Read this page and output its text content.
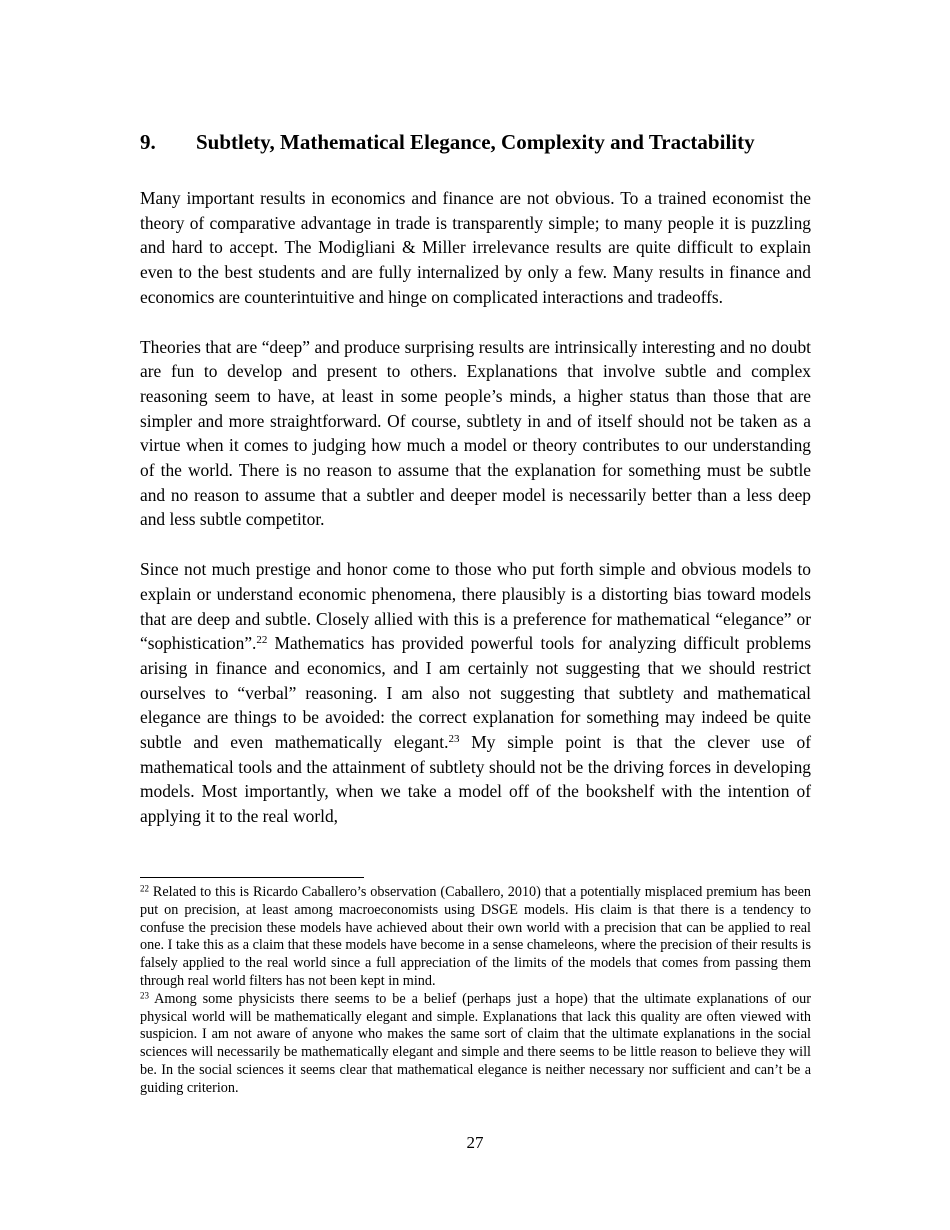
9.	Subtlety, Mathematical Elegance, Complexity and Tractability

Many important results in economics and finance are not obvious. To a trained economist the theory of comparative advantage in trade is transparently simple; to many people it is puzzling and hard to accept. The Modigliani & Miller irrelevance results are quite difficult to explain even to the best students and are fully internalized by only a few. Many results in finance and economics are counterintuitive and hinge on complicated interactions and tradeoffs.

Theories that are “deep” and produce surprising results are intrinsically interesting and no doubt are fun to develop and present to others. Explanations that involve subtle and complex reasoning seem to have, at least in some people’s minds, a higher status than those that are simpler and more straightforward. Of course, subtlety in and of itself should not be taken as a virtue when it comes to judging how much a model or theory contributes to our understanding of the world. There is no reason to assume that the explanation for something must be subtle and no reason to assume that a subtler and deeper model is necessarily better than a less deep and less subtle competitor.

Since not much prestige and honor come to those who put forth simple and obvious models to explain or understand economic phenomena, there plausibly is a distorting bias toward models that are deep and subtle. Closely allied with this is a preference for mathematical “elegance” or “sophistication”.$^{22}$ Mathematics has provided powerful tools for analyzing difficult problems arising in finance and economics, and I am certainly not suggesting that we should restrict ourselves to “verbal” reasoning. I am also not suggesting that subtlety and mathematical elegance are things to be avoided: the correct explanation for something may indeed be quite subtle and even mathematically elegant.$^{23}$ My simple point is that the clever use of mathematical tools and the attainment of subtlety should not be the driving forces in developing models. Most importantly, when we take a model off of the bookshelf with the intention of applying it to the real world,

$^{22}$ Related to this is Ricardo Caballero’s observation (Caballero, 2010) that a potentially misplaced premium has been put on precision, at least among macroeconomists using DSGE models. His claim is that there is a tendency to confuse the precision these models have achieved about their own world with a precision that can be applied to real one. I take this as a claim that these models have become in a sense chameleons, where the precision of their results is falsely applied to the real world since a full appreciation of the limits of the models that comes from passing them through real world filters has not been kept in mind.

$^{23}$ Among some physicists there seems to be a belief (perhaps just a hope) that the ultimate explanations of our physical world will be mathematically elegant and simple. Explanations that lack this quality are often viewed with suspicion. I am not aware of anyone who makes the same sort of claim that the ultimate explanations in the social sciences will necessarily be mathematically elegant and simple and there seems to be little reason to believe they will be. In the social sciences it seems clear that mathematical elegance is neither necessary nor sufficient and can’t be a guiding criterion.

27
